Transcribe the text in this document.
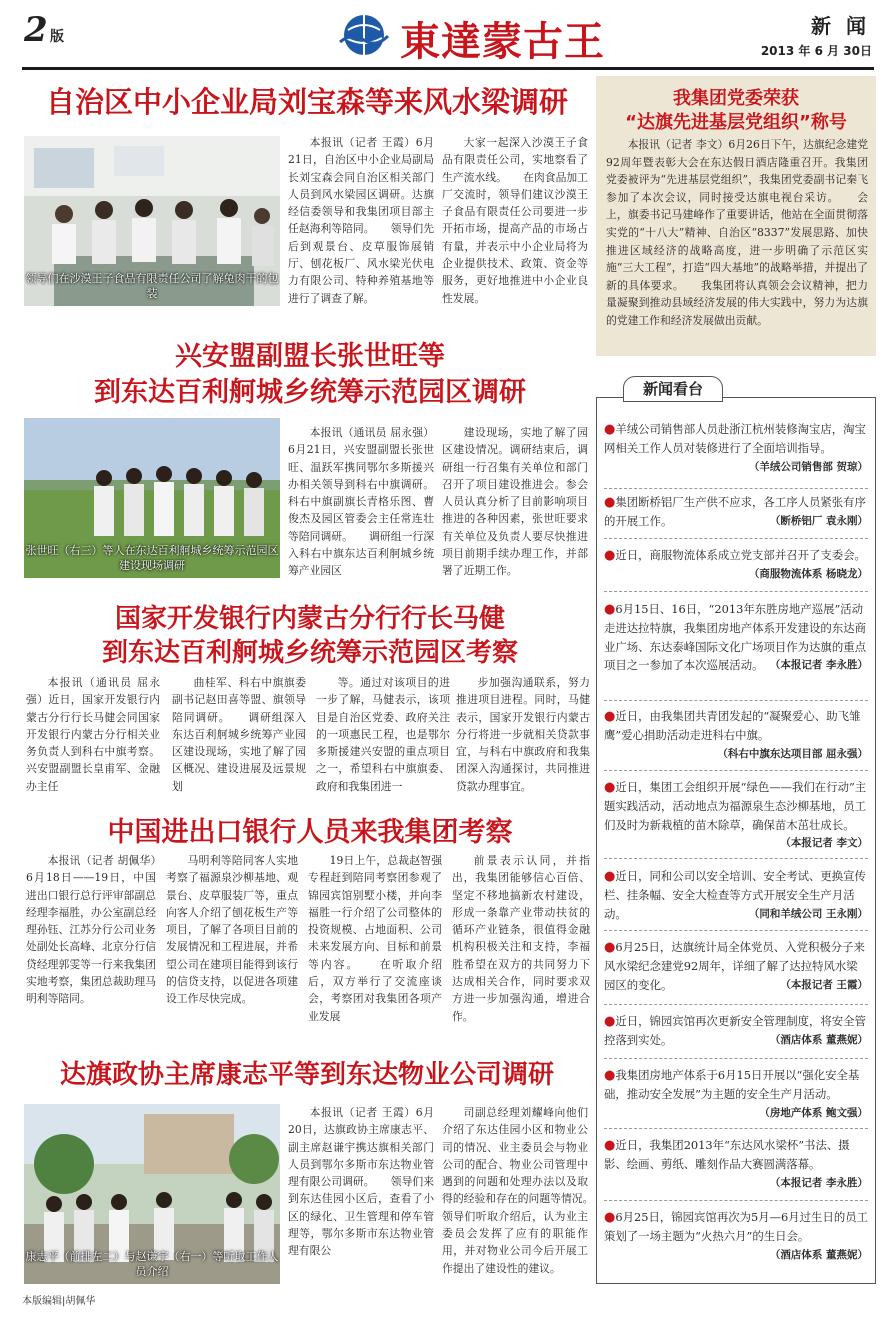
2 版	東達蒙古王	新 闻
2013 年 6 月 30日
自治区中小企业局刘宝森等来风水梁调研
领导们在沙漠王子食品有限责任公司了解兔肉干的包装

本报讯（记者 王霞）6月21日，自治区中小企业局副局长刘宝森会同自治区相关部门人员到风水梁园区调研。达旗经信委领导和我集团项目部主任赵海利等陪同。　　领导们先后到观景台、皮草服饰展销厅、刨花板厂、风水梁光伏电力有限公司、特种养殖基地等进行了调查了解。

大家一起深入沙漠王子食品有限责任公司，实地察看了生产流水线。　　在肉食品加工厂交流时，领导们建议沙漠王子食品有限责任公司要进一步开拓市场，提高产品的市场占有量，并表示中小企业局将为企业提供技术、政策、资金等服务，更好地推进中小企业良性发展。

兴安盟副盟长张世旺等
到东达百利舸城乡统筹示范园区调研
张世旺（右三）等人在东达百利舸城乡统筹示范园区建设现场调研

本报讯（通讯员 屈永强）6月21日，兴安盟副盟长张世旺、温跃军携同鄂尔多斯援兴办相关领导到科右中旗调研。科右中旗副旗长青格乐图、曹俊杰及园区管委会主任常连壮等陪同调研。　　调研组一行深入科右中旗东达百利舸城乡统筹产业园区

建设现场，实地了解了园区建设情况。调研结束后，调研组一行召集有关单位和部门召开了项目建设推进会。参会人员认真分析了目前影响项目推进的各种因素，张世旺要求有关单位及负责人要尽快推进项目前期手续办理工作，并部署了近期工作。

国家开发银行内蒙古分行行长马健
到东达百利舸城乡统筹示范园区考察

本报讯（通讯员 屈永强）近日，国家开发银行内蒙古分行行长马健会同国家开发银行内蒙古分行相关业务负责人到科右中旗考察。兴安盟副盟长皇甫军、金融办主任

曲桂军、科右中旗旗委副书记赵田喜等盟、旗领导陪同调研。　　调研组深入东达百利舸城乡统筹产业园区建设现场，实地了解了园区概况、建设进展及远景规划

等。通过对该项目的进一步了解，马健表示，该项目是自治区党委、政府关注的一项惠民工程，也是鄂尔多斯援建兴安盟的重点项目之一，希望科右中旗旗委、政府和我集团进一

步加强沟通联系，努力推进项目进程。同时，马健表示，国家开发银行内蒙古分行将进一步就相关贷款事宜，与科右中旗政府和我集团深入沟通探讨，共同推进贷款办理事宜。

中国进出口银行人员来我集团考察

本报讯（记者 胡佩华）6月18日——19日，中国进出口银行总行评审部副总经理李福胜，办公室副总经理孙钰、江苏分行公司业务处副处长高峰、北京分行信贷经理郭雯等一行来我集团实地考察，集团总裁助理马明利等陪同。

马明利等陪同客人实地考察了福源泉沙柳基地、观景台、皮草服装厂等，重点向客人介绍了刨花板生产等项目，了解了各项目目前的发展情况和工程进展，并希望公司在建项目能得到该行的信贷支持，以促进各项建设工作尽快完成。

19日上午，总裁赵智强专程赶到陪同考察团参观了锦园宾馆别墅小楼，并向李福胜一行介绍了公司整体的投资规模、占地面积、公司未来发展方向、目标和前景等内容。　　在听取介绍后，双方举行了交流座谈会，考察团对我集团各项产业发展

前景表示认同，并指出，我集团能够信心百倍、坚定不移地搞新农村建设，形成一条靠产业带动扶贫的循环产业链条，很值得金融机构积极关注和支持，李福胜希望在双方的共同努力下达成相关合作，同时要求双方进一步加强沟通，增进合作。

达旗政协主席康志平等到东达物业公司调研
康志平（前排左二）与赵谦宇（右一）等听取工作人员介绍

本报讯（记者 王霞）6月20日，达旗政协主席康志平、副主席赵谦宇携达旗相关部门人员到鄂尔多斯市东达物业管理有限公司调研。　　领导们来到东达佳园小区后，查看了小区的绿化、卫生管理和停车管理等，鄂尔多斯市东达物业管理有限公

司副总经理刘耀峰向他们介绍了东达佳园小区和物业公司的情况、业主委员会与物业公司的配合、物业公司管理中遇到的问题和处理办法以及取得的经验和存在的问题等情况。　　领导们听取介绍后，认为业主委员会发挥了应有的职能作用，并对物业公司今后开展工作提出了建设性的建议。

我集团党委荣获
“达旗先进基层党组织”称号

本报讯（记者 李文）6月26日下午，达旗纪念建党92周年暨表彰大会在东达假日酒店隆重召开。我集团党委被评为“先进基层党组织”，我集团党委副书记秦飞参加了本次会议，同时接受达旗电视台采访。　　会上，旗委书记马建峰作了重要讲话，他站在全面贯彻落实党的“十八大”精神、自治区“8337”发展思路、加快推进区域经济的战略高度，进一步明确了示范区实施“三大工程”，打造“四大基地”的战略举措，并提出了新的具体要求。　　我集团将认真领会会议精神，把力量凝聚到推动县域经济发展的伟大实践中，努力为达旗的党建工作和经济发展做出贡献。

新闻看台
●羊绒公司销售部人员赴浙江杭州装修淘宝店，淘宝网相关工作人员对装修进行了全面培训指导。
（羊绒公司销售部 贺琼）
●集团断桥铝厂生产供不应求，各工序人员紧张有序的开展工作。	（断桥铝厂 袁永刚）
●近日，商服物流体系成立党支部并召开了支委会。
（商服物流体系 杨晓龙）
●6月15日、16日，“2013年东胜房地产巡展”活动走进达拉特旗，我集团房地产体系开发建设的东达商业广场、东达泰峰国际文化广场项目作为达旗的重点项目之一参加了本次巡展活动。 （本报记者 李永胜）
●近日，由我集团共青团发起的“凝聚爱心、助飞雏鹰”爱心捐助活动走进科右中旗。
（科右中旗东达项目部 屈永强）
●近日，集团工会组织开展“绿色——我们在行动”主题实践活动，活动地点为福源泉生态沙柳基地，员工们及时为新栽植的苗木除草，确保苗木茁壮成长。
（本报记者 李文）
●近日，同和公司以安全培训、安全考试、更换宣传栏、挂条幅、安全大检查等方式开展安全生产月活动。	（同和羊绒公司 王永刚）
●6月25日，达旗统计局全体党员、入党积极分子来风水梁纪念建党92周年，详细了解了达拉特风水梁园区的变化。	（本报记者 王霞）
●近日，锦园宾馆再次更新安全管理制度，将安全管控落到实处。	（酒店体系 董燕妮）
●我集团房地产体系于6月15日开展以“强化安全基础，推动安全发展”为主题的安全生产月活动。
（房地产体系 鲍文强）
●近日，我集团2013年“东达风水梁杯”书法、摄影、绘画、剪纸、雕刻作品大赛圆满落幕。
（本报记者 李永胜）
●6月25日，锦园宾馆再次为5月—6月过生日的员工策划了一场主题为“火热六月”的生日会。
（酒店体系 董燕妮）
本版编辑|胡佩华
